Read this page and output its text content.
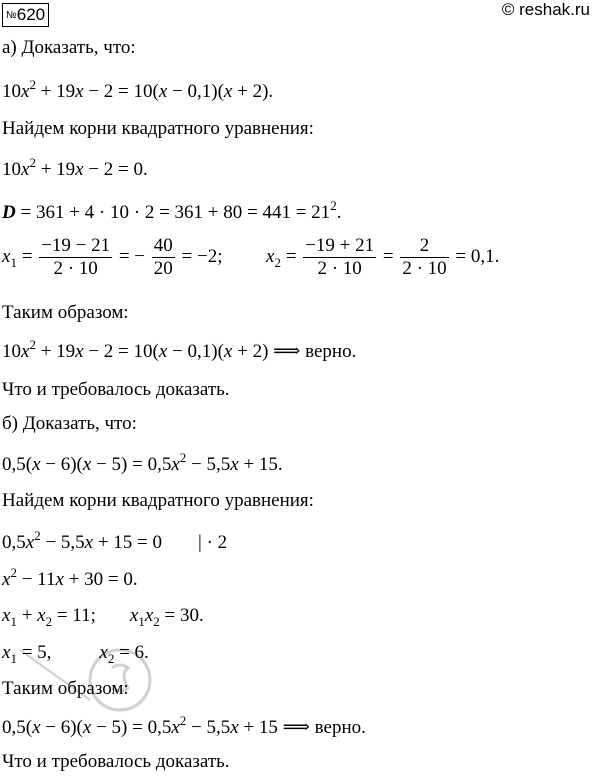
№620	© reshak.ru
а) Доказать, что:
$10x^2 + 19x - 2 = 10(x - 0,1)(x + 2)$.
Найдем корни квадратного уравнения:
$10x^2 + 19x - 2 = 0$.
$D = 361 + 4 \cdot 10 \cdot 2 = 361 + 80 = 441 = 21^2$.
$x_1 = \frac{-19 - 21}{2 \cdot 10}$ = − $\frac{40}{20} = -2$; $x_2 = \frac{-19 + 21}{2 \cdot 10} = \frac{2}{2 \cdot 10} = 0,1$.
Таким образом:
$10x^2 + 19x - 2 = 10(x - 0,1)(x + 2)$ ⟹ верно.
Что и требовалось доказать.
б) Доказать, что:
$0,5(x - 6)(x - 5) = 0,5x^2 - 5,5x + 15$.
Найдем корни квадратного уравнения:
$0,5x^2 - 5,5x + 15 = 0$ | · 2
$x^2 - 11x + 30 = 0$.
$x_1 + x_2 = 11$; $x_1x_2 = 30$.
$x_1 = 5$,	$x_2 = 6$.
Таким образом:
$0,5(x - 6)(x - 5) = 0,5x^2 - 5,5x + 15$ ⟹ верно.
Что и требовалось доказать.
